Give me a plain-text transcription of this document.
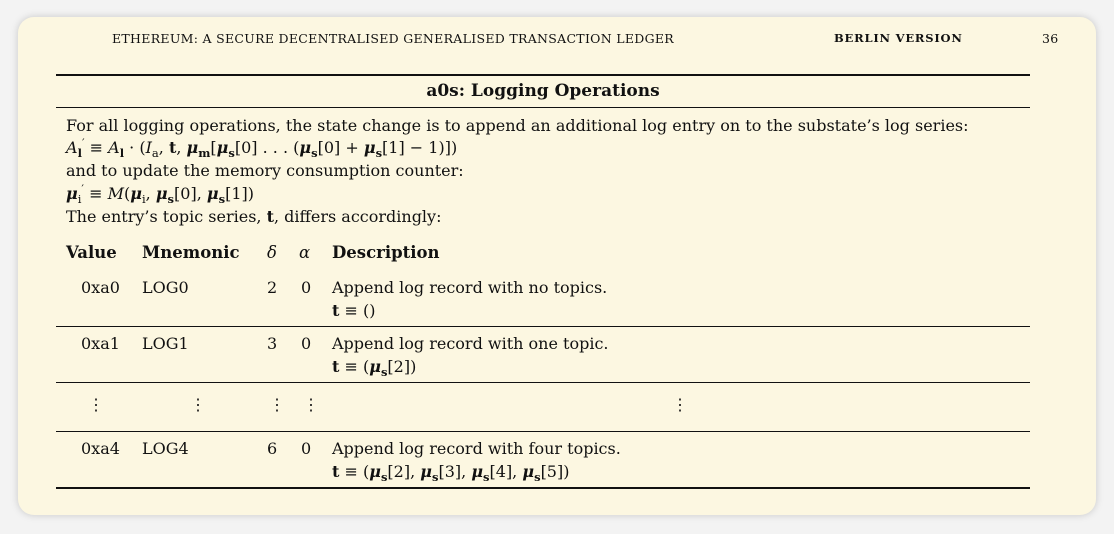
ETHEREUM: A SECURE DECENTRALISED GENERALISED TRANSACTION LEDGER	BERLIN VERSION	36
a0s: Logging Operations
For all logging operations, the state change is to append an additional log entry on to the substate’s log series:
$A_l' \equiv A_l \cdot (I_a$, t, $\mu_m[\mu_s[0]$ . . . $(\mu_s[0] + \mu_s[1] - 1)$])
and to update the memory consumption counter:
$\mu_i' \equiv M(\mu_i$, $\mu_s[0]$, $\mu_s[1]$)
The entry’s topic series, t, differs accordingly:
Value Mnemonic δ α Description
0xa0 LOG0	2 0 Append log record with no topics.
t ≡ ()
0xa1 LOG1	3 0 Append log record with one topic.
$t \equiv (\mu_s[2])$
⋮	⋮	⋮ ⋮	⋮
0xa4 LOG4	6 0 Append log record with four topics.
$t \equiv (\mu_s[2]$, $\mu_s[3]$, $\mu_s[4]$, $\mu_s[5]$)
